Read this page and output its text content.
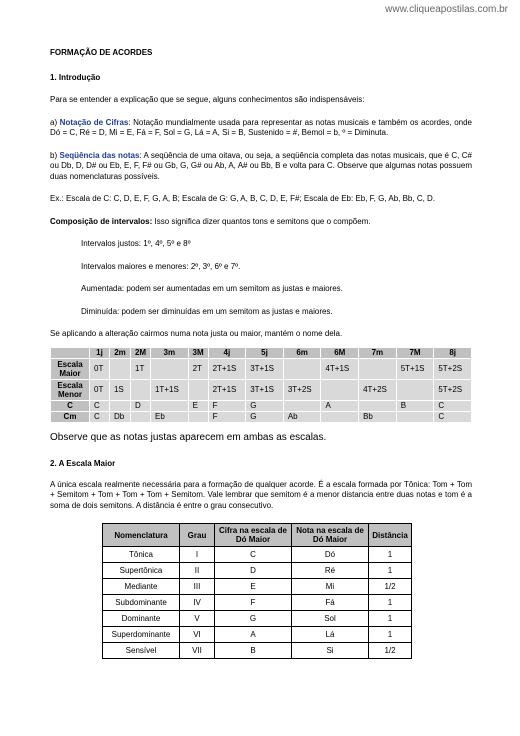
www.cliqueapostilas.com.br

FORMAÇÃO DE ACORDES

1. Introdução

Para se entender a explicação que se segue, alguns conhecimentos são indispensáveis:

a) Notação de Cifras: Notação mundialmente usada para representar as notas musicais e também os acordes, onde Dó = C, Ré = D, Mi = E, Fá = F, Sol = G, Lá = A, Si = B, Sustenido = #, Bemol = b, º = Diminuta.

b) Seqüência das notas: A seqüência de uma oitava, ou seja, a seqüência completa das notas musicais, que é C, C# ou Db, D, D# ou Eb, E, F, F# ou Gb, G, G# ou Ab, A, A# ou Bb, B e volta para C. Observe que algumas notas possuem duas nomenclaturas possíveis.

Ex.: Escala de C: C, D, E, F, G, A, B; Escala de G: G, A, B, C, D, E, F#; Escala de Eb: Eb, F, G, Ab, Bb, C, D.

Composição de intervalos: Isso significa dizer quantos tons e semitons que o compõem.

Intervalos justos: 1º, 4º, 5º e 8º

Intervalos maiores e menores: 2º, 3º, 6º e 7º.

Aumentada: podem ser aumentadas em um semitom as justas e maiores.

Diminuída: podem ser diminuídas em um semitom as justas e maiores.

Se aplicando a alteração cairmos numa nota justa ou maior, mantém o nome dela.

	1j	2m	2M	3m	3M	4j	5j	6m	6M	7m	7M	8j
Escala Maior	0T		1T		2T	2T+1S	3T+1S		4T+1S		5T+1S	5T+2S
Escala Menor	0T	1S		1T+1S		2T+1S	3T+1S	3T+2S		4T+2S		5T+2S
C	C		D		E	F	G		A		B	C
Cm	C	Db		Eb		F	G	Ab		Bb		C

Observe que as notas justas aparecem em ambas as escalas.

2. A Escala Maior

A única escala realmente necessária para a formação de qualquer acorde. É a escala formada por Tônica: Tom + Tom + Semitom + Tom + Tom + Tom + Semitom. Vale lembrar que semitom é a menor distancia entre duas notas e tom é a soma de dois semitons. A distância é entre o grau consecutivo.

Nomenclatura	Grau	Cifra na escala de Dó Maior	Nota na escala de Dó Maior	Distância
Tônica	I	C	Dó	1
Supertônica	II	D	Ré	1
Mediante	III	E	Mi	1/2
Subdominante	IV	F	Fá	1
Dominante	V	G	Sol	1
Superdominante	VI	A	Lá	1
Sensível	VII	B	Si	1/2
